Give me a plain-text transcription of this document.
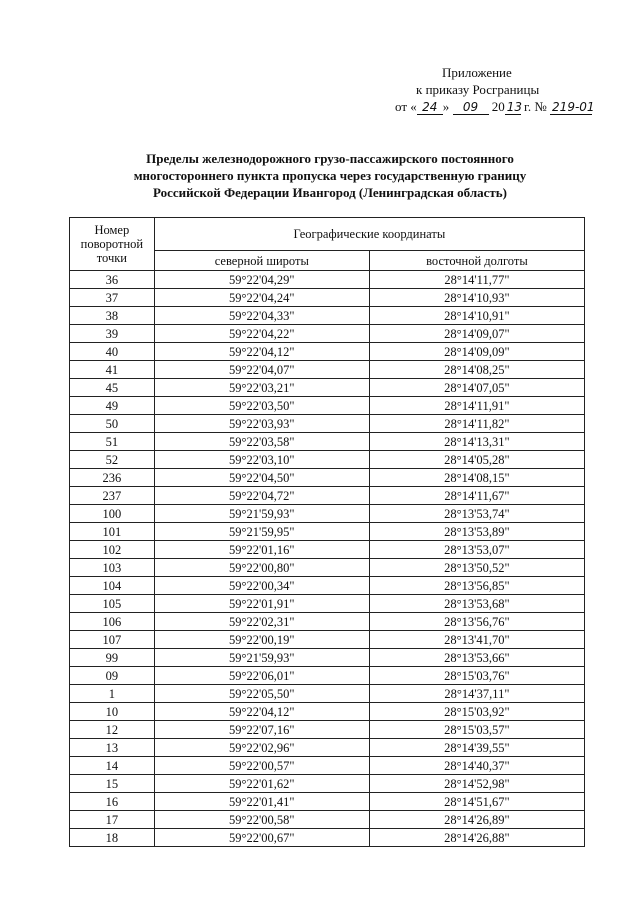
Приложение
к приказу Росграницы
от « 24 » 09 20 13 г. № 219-01
Пределы железнодорожного грузо-пассажирского постоянного
многостороннего пункта пропуска через государственную границу
Российской Федерации Ивангород (Ленинградская область)
Номер
поворотной
точки	Географические координаты	
	северной широты	восточной долготы
36	59°22'04,29"	28°14'11,77"
37	59°22'04,24"	28°14'10,93"
38	59°22'04,33"	28°14'10,91"
39	59°22'04,22"	28°14'09,07"
40	59°22'04,12"	28°14'09,09"
41	59°22'04,07"	28°14'08,25"
45	59°22'03,21"	28°14'07,05"
49	59°22'03,50"	28°14'11,91"
50	59°22'03,93"	28°14'11,82"
51	59°22'03,58"	28°14'13,31"
52	59°22'03,10"	28°14'05,28"
236	59°22'04,50"	28°14'08,15"
237	59°22'04,72"	28°14'11,67"
100	59°21'59,93"	28°13'53,74"
101	59°21'59,95"	28°13'53,89"
102	59°22'01,16"	28°13'53,07"
103	59°22'00,80"	28°13'50,52"
104	59°22'00,34"	28°13'56,85"
105	59°22'01,91"	28°13'53,68"
106	59°22'02,31"	28°13'56,76"
107	59°22'00,19"	28°13'41,70"
99	59°21'59,93"	28°13'53,66"
09	59°22'06,01"	28°15'03,76"
1	59°22'05,50"	28°14'37,11"
10	59°22'04,12"	28°15'03,92"
12	59°22'07,16"	28°15'03,57"
13	59°22'02,96"	28°14'39,55"
14	59°22'00,57"	28°14'40,37"
15	59°22'01,62"	28°14'52,98"
16	59°22'01,41"	28°14'51,67"
17	59°22'00,58"	28°14'26,89"
18	59°22'00,67"	28°14'26,88"
